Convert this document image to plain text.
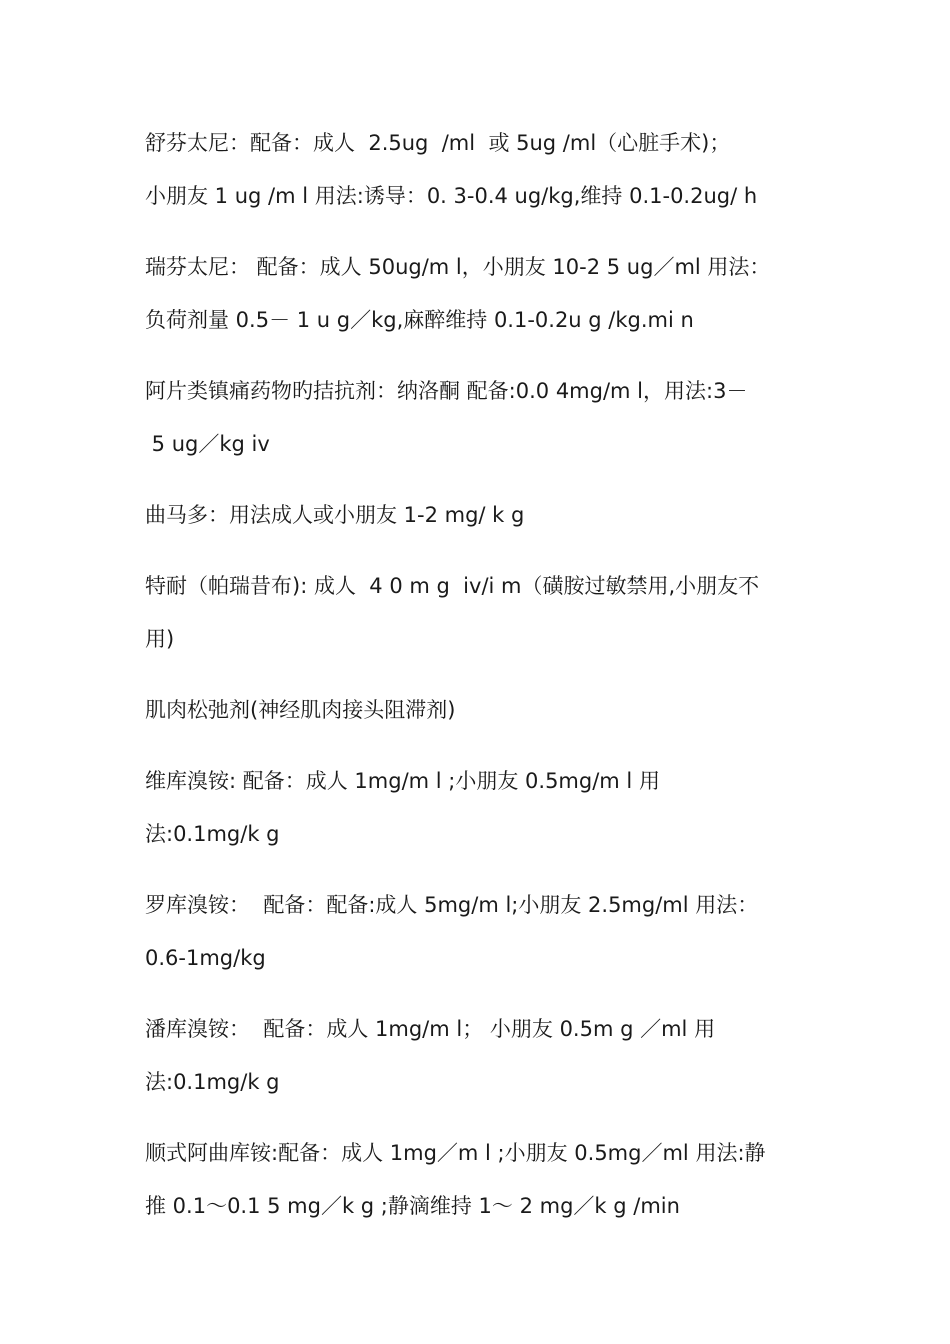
舒芬太尼：配备：成人  2.5ug  /ml  或 5ug /ml（心脏手术)；
小朋友 1 ug /m l 用法:诱导：0. 3-0.4 ug/kg,维持 0.1-0.2ug/ h
瑞芬太尼： 配备：成人 50ug/m l，小朋友 10-2 5 ug／ml 用法：
负荷剂量 0.5－ 1 u g／kg,麻醉维持 0.1-0.2u g /kg.mi n
阿片类镇痛药物旳拮抗剂：纳洛酮 配备:0.0 4mg/m l，用法:3－
5 ug／kg iv
曲马多：用法成人或小朋友 1-2 mg/ k g
特耐（帕瑞昔布): 成人  4 0 m g  iv/i m（磺胺过敏禁用,小朋友不
用)
肌肉松弛剂(神经肌肉接头阻滞剂)
维库溴铵: 配备：成人 1mg/m l ;小朋友 0.5mg/m l 用
法:0.1mg/k g
罗库溴铵：  配备：配备:成人 5mg/m l;小朋友 2.5mg/ml 用法：
0.6-1mg/kg
潘库溴铵：  配备：成人 1mg/m l； 小朋友 0.5m g ／ml 用
法:0.1mg/k g
顺式阿曲库铵:配备：成人 1mg／m l ;小朋友 0.5mg／ml 用法:静
推 0.1～0.1 5 mg／k g ;静滴维持 1～ 2 mg／k g /min
